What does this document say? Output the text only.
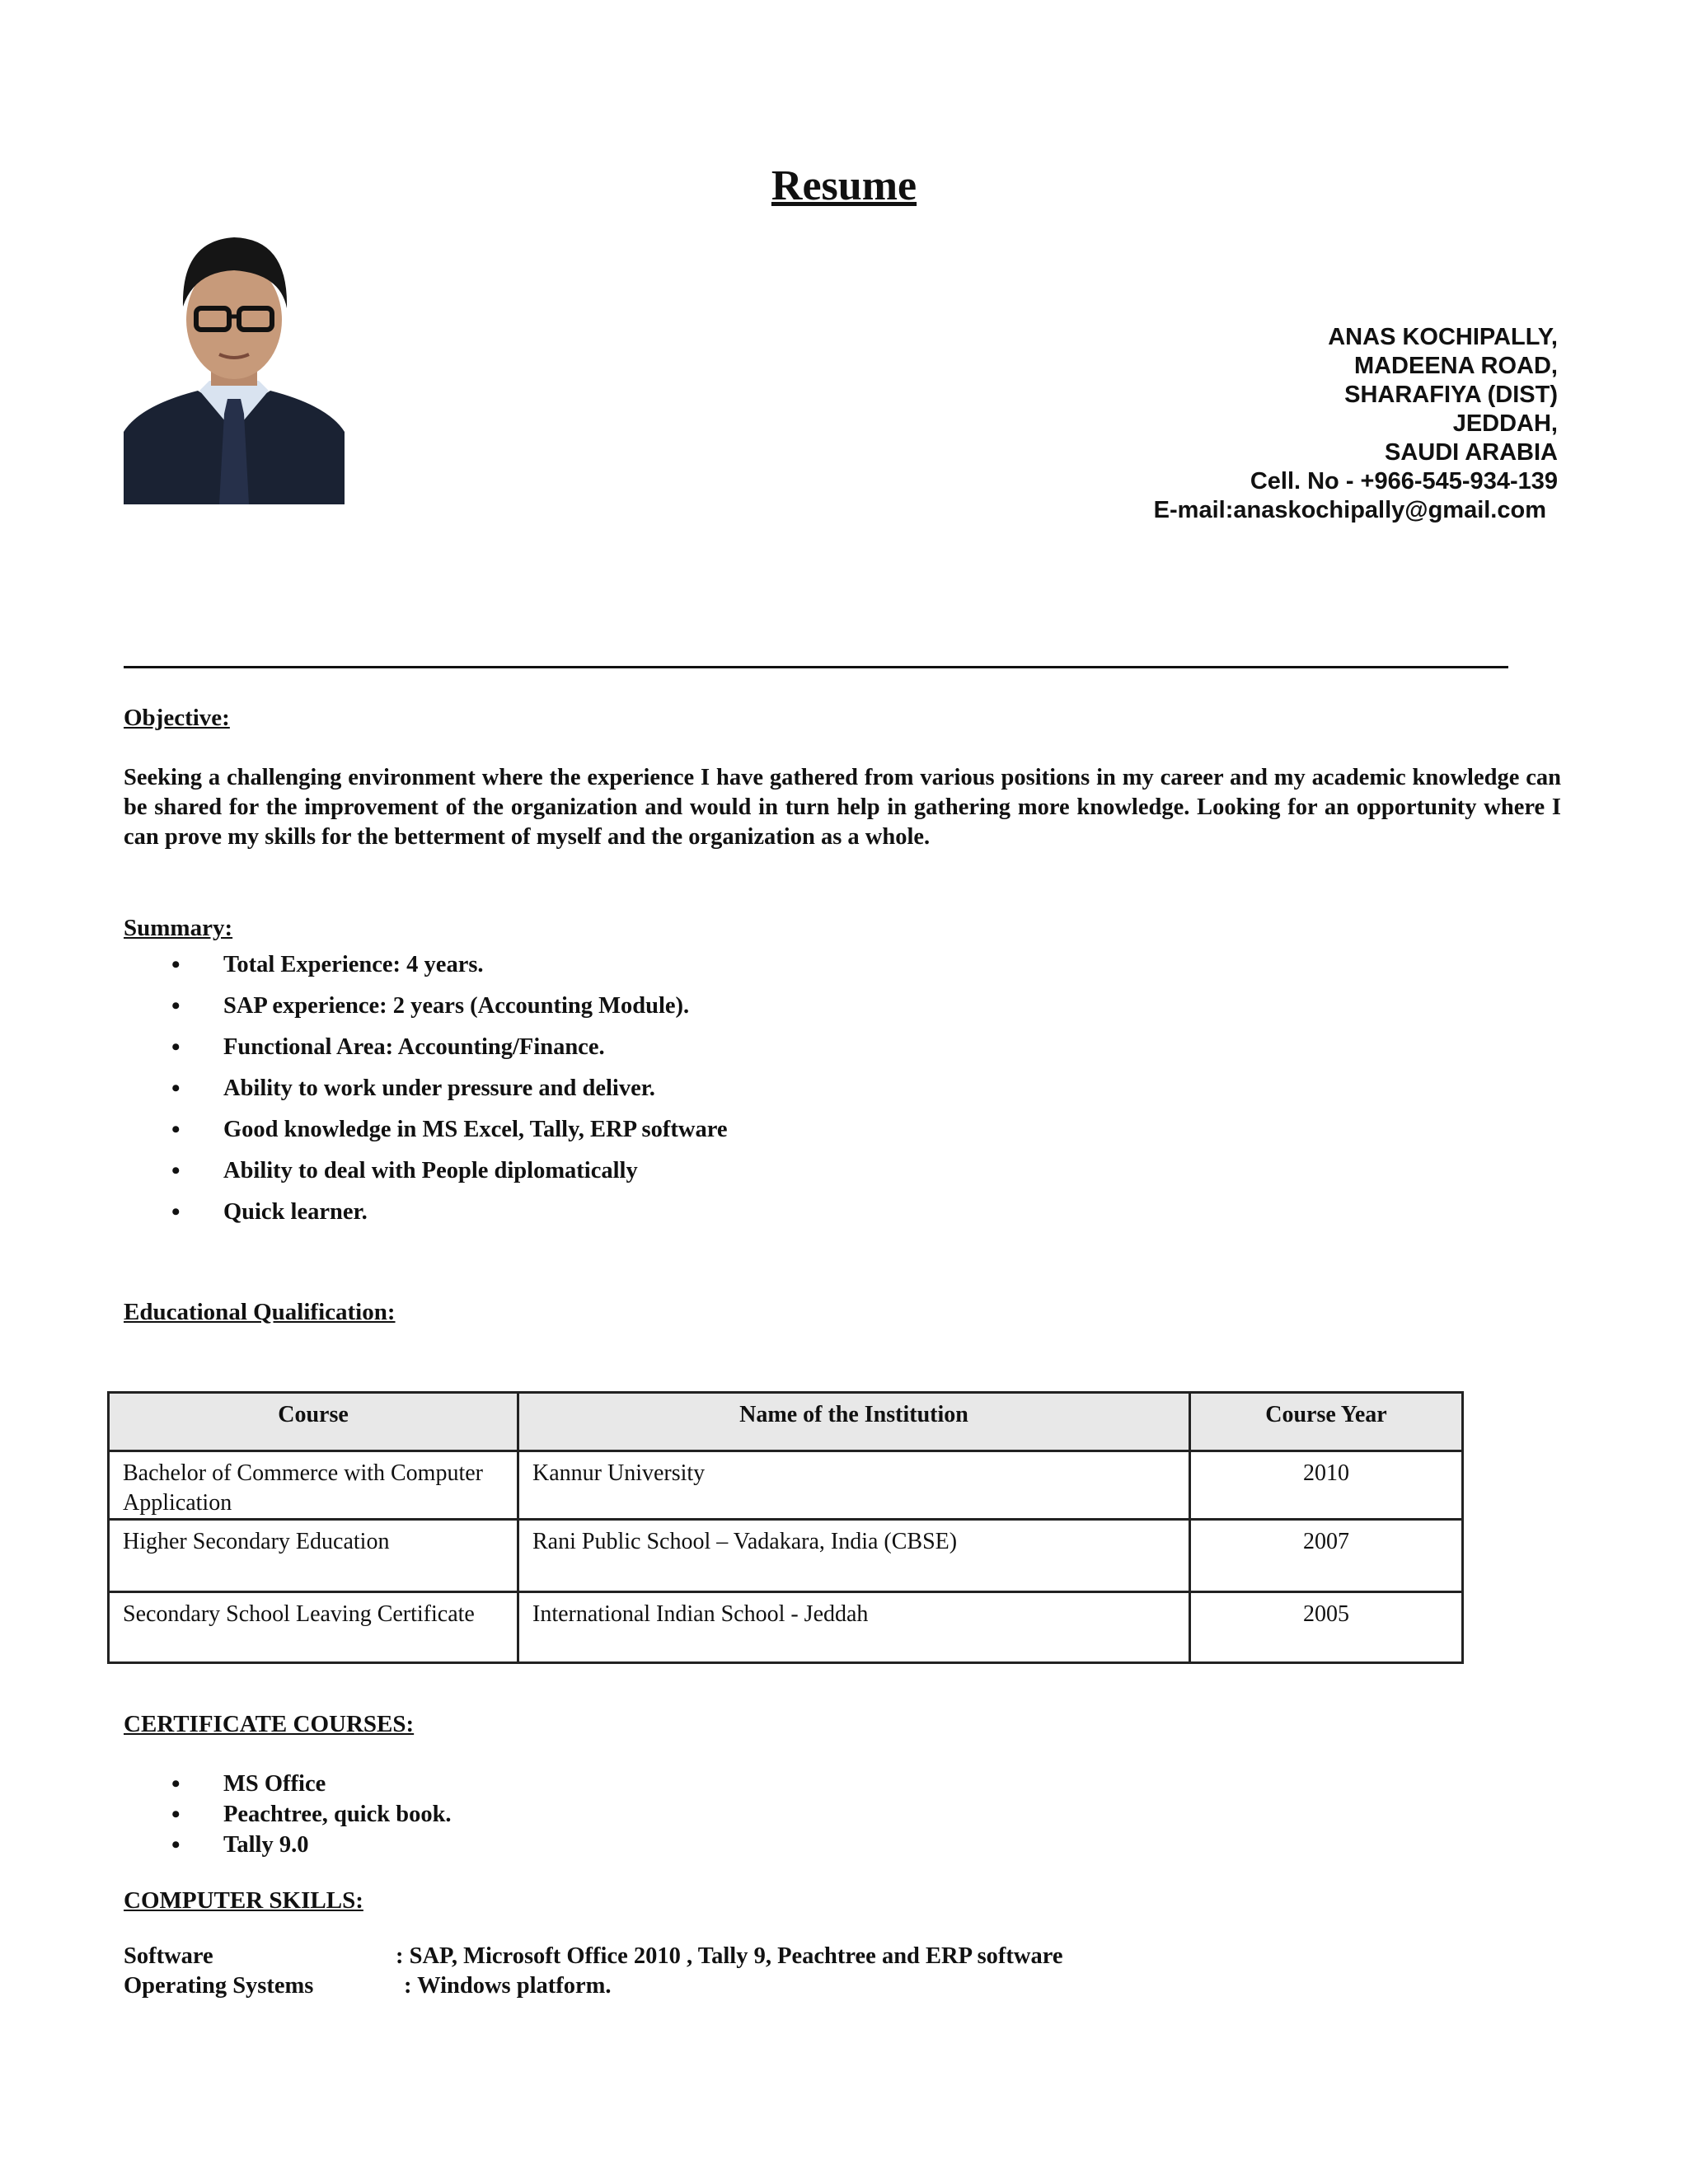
Resume
ANAS KOCHIPALLY,
MADEENA ROAD,
SHARAFIYA (DIST)
JEDDAH,
SAUDI ARABIA
Cell. No - +966-545-934-139
E-mail:anaskochipally@gmail.com
Objective:
Seeking a challenging environment where the experience I have gathered from various positions in my career and my academic knowledge can be shared for the improvement of the organization and would in turn help in gathering more knowledge. Looking for an opportunity where I can prove my skills for the betterment of myself and the organization as a whole.
Summary:
• Total Experience: 4 years.
• SAP experience: 2 years (Accounting Module).
• Functional Area: Accounting/Finance.
• Ability to work under pressure and deliver.
• Good knowledge in MS Excel, Tally, ERP software
• Ability to deal with People diplomatically
• Quick learner.
Educational Qualification:
Course	Name of the Institution	Course Year
Bachelor of Commerce with Computer Application	Kannur University	2010
Higher Secondary Education	Rani Public School – Vadakara, India (CBSE)	2007
Secondary School Leaving Certificate	International Indian School - Jeddah	2005
CERTIFICATE COURSES:
• MS Office
• Peachtree, quick book.
• Tally 9.0
COMPUTER SKILLS:
Software	: SAP, Microsoft Office 2010 , Tally 9, Peachtree and ERP software
Operating Systems	: Windows platform.
